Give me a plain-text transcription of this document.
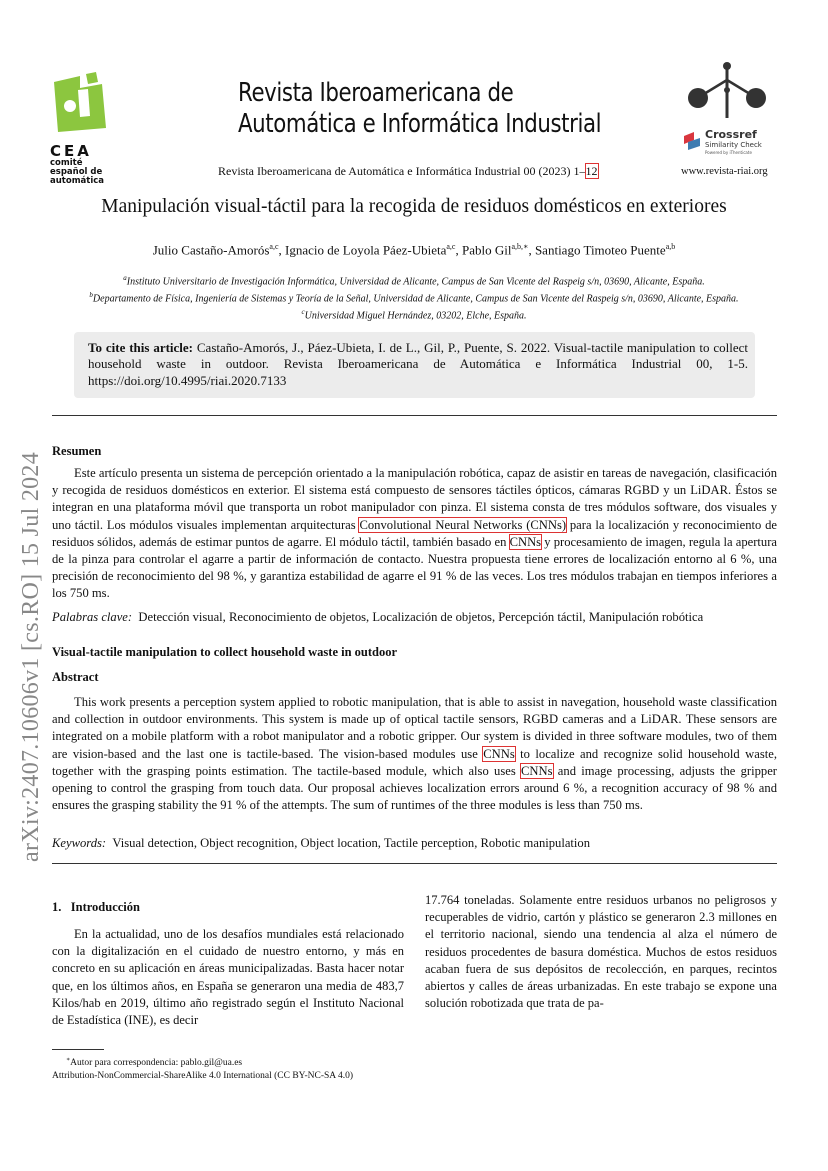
CEA
comité
español de
automática
Revista Iberoamericana de
Automática e Informática Industrial
Revista Iberoamericana de Automática e Informática Industrial 00 (2023) 1–12
Crossref
Similarity Check
Powered by iThenticate
www.revista-riai.org
Manipulación visual-táctil para la recogida de residuos domésticos en exteriores
Julio Castaño-Amorós$^{a,c}$, Ignacio de Loyola Páez-Ubieta$^{a,c}$, Pablo Gil$^{a,b,∗}$, Santiago Timoteo Puente$^{a,b}$
$^a$Instituto Universitario de Investigación Informática, Universidad de Alicante, Campus de San Vicente del Raspeig s/n, 03690, Alicante, España.
$^b$Departamento de Física, Ingeniería de Sistemas y Teoría de la Señal, Universidad de Alicante, Campus de San Vicente del Raspeig s/n, 03690, Alicante, España.
$^c$Universidad Miguel Hernández, 03202, Elche, España.
To cite this article: Castaño-Amorós, J., Páez-Ubieta, I. de L., Gil, P., Puente, S. 2022. Visual-tactile manipulation to collect household waste in outdoor. Revista Iberoamericana de Automática e Informática Industrial 00, 1-5. https://doi.org/10.4995/riai.2020.7133
arXiv:2407.10606v1 [cs.RO] 15 Jul 2024
Resumen
Este artículo presenta un sistema de percepción orientado a la manipulación robótica, capaz de asistir en tareas de navegación, clasificación y recogida de residuos domésticos en exterior. El sistema está compuesto de sensores táctiles ópticos, cámaras RGBD y un LiDAR. Éstos se integran en una plataforma móvil que transporta un robot manipulador con pinza. El sistema consta de tres módulos software, dos visuales y uno táctil. Los módulos visuales implementan arquitecturas Convolutional Neural Networks (CNNs) para la localización y reconocimiento de residuos sólidos, además de estimar puntos de agarre. El módulo táctil, también basado en CNNs y procesamiento de imagen, regula la apertura de la pinza para controlar el agarre a partir de información de contacto. Nuestra propuesta tiene errores de localización entorno al 6 %, una precisión de reconocimiento del 98 %, y garantiza estabilidad de agarre el 91 % de las veces. Los tres módulos trabajan en tiempos inferiores a los 750 ms.
Palabras clave: Detección visual, Reconocimiento de objetos, Localización de objetos, Percepción táctil, Manipulación robótica
Visual-tactile manipulation to collect household waste in outdoor
Abstract
This work presents a perception system applied to robotic manipulation, that is able to assist in navegation, household waste classification and collection in outdoor environments. This system is made up of optical tactile sensors, RGBD cameras and a LiDAR. These sensors are integrated on a mobile platform with a robot manipulator and a robotic gripper. Our system is divided in three software modules, two of them are vision-based and the last one is tactile-based. The vision-based modules use CNNs to localize and recognize solid household waste, together with the grasping points estimation. The tactile-based module, which also uses CNNs and image processing, adjusts the gripper opening to control the grasping from touch data. Our proposal achieves localization errors around 6 %, a recognition accuracy of 98 % and ensures the grasping stability the 91 % of the attempts. The sum of runtimes of the three modules is less than 750 ms.
Keywords: Visual detection, Object recognition, Object location, Tactile perception, Robotic manipulation
1.   Introducción
En la actualidad, uno de los desafíos mundiales está relacionado con la digitalización en el cuidado de nuestro entorno, y más en concreto en su aplicación en áreas municipalizadas. Basta hacer notar que, en los últimos años, en España se generaron una media de 483,7 Kilos/hab en 2019, último año registrado según el Instituto Nacional de Estadística (INE), es decir
17.764 toneladas. Solamente entre residuos urbanos no peligrosos y recuperables de vidrio, cartón y plástico se generaron 2.3 millones en el territorio nacional, siendo una tendencia al alza el número de residuos procedentes de basura doméstica. Muchos de estos residuos acaban fuera de sus depósitos de recolección, en parques, recintos abiertos y calles de áreas urbanizadas. En este trabajo se expone una solución robotizada que trata de pa-
∗Autor para correspondencia: pablo.gil@ua.es
Attribution-NonCommercial-ShareAlike 4.0 International (CC BY-NC-SA 4.0)
